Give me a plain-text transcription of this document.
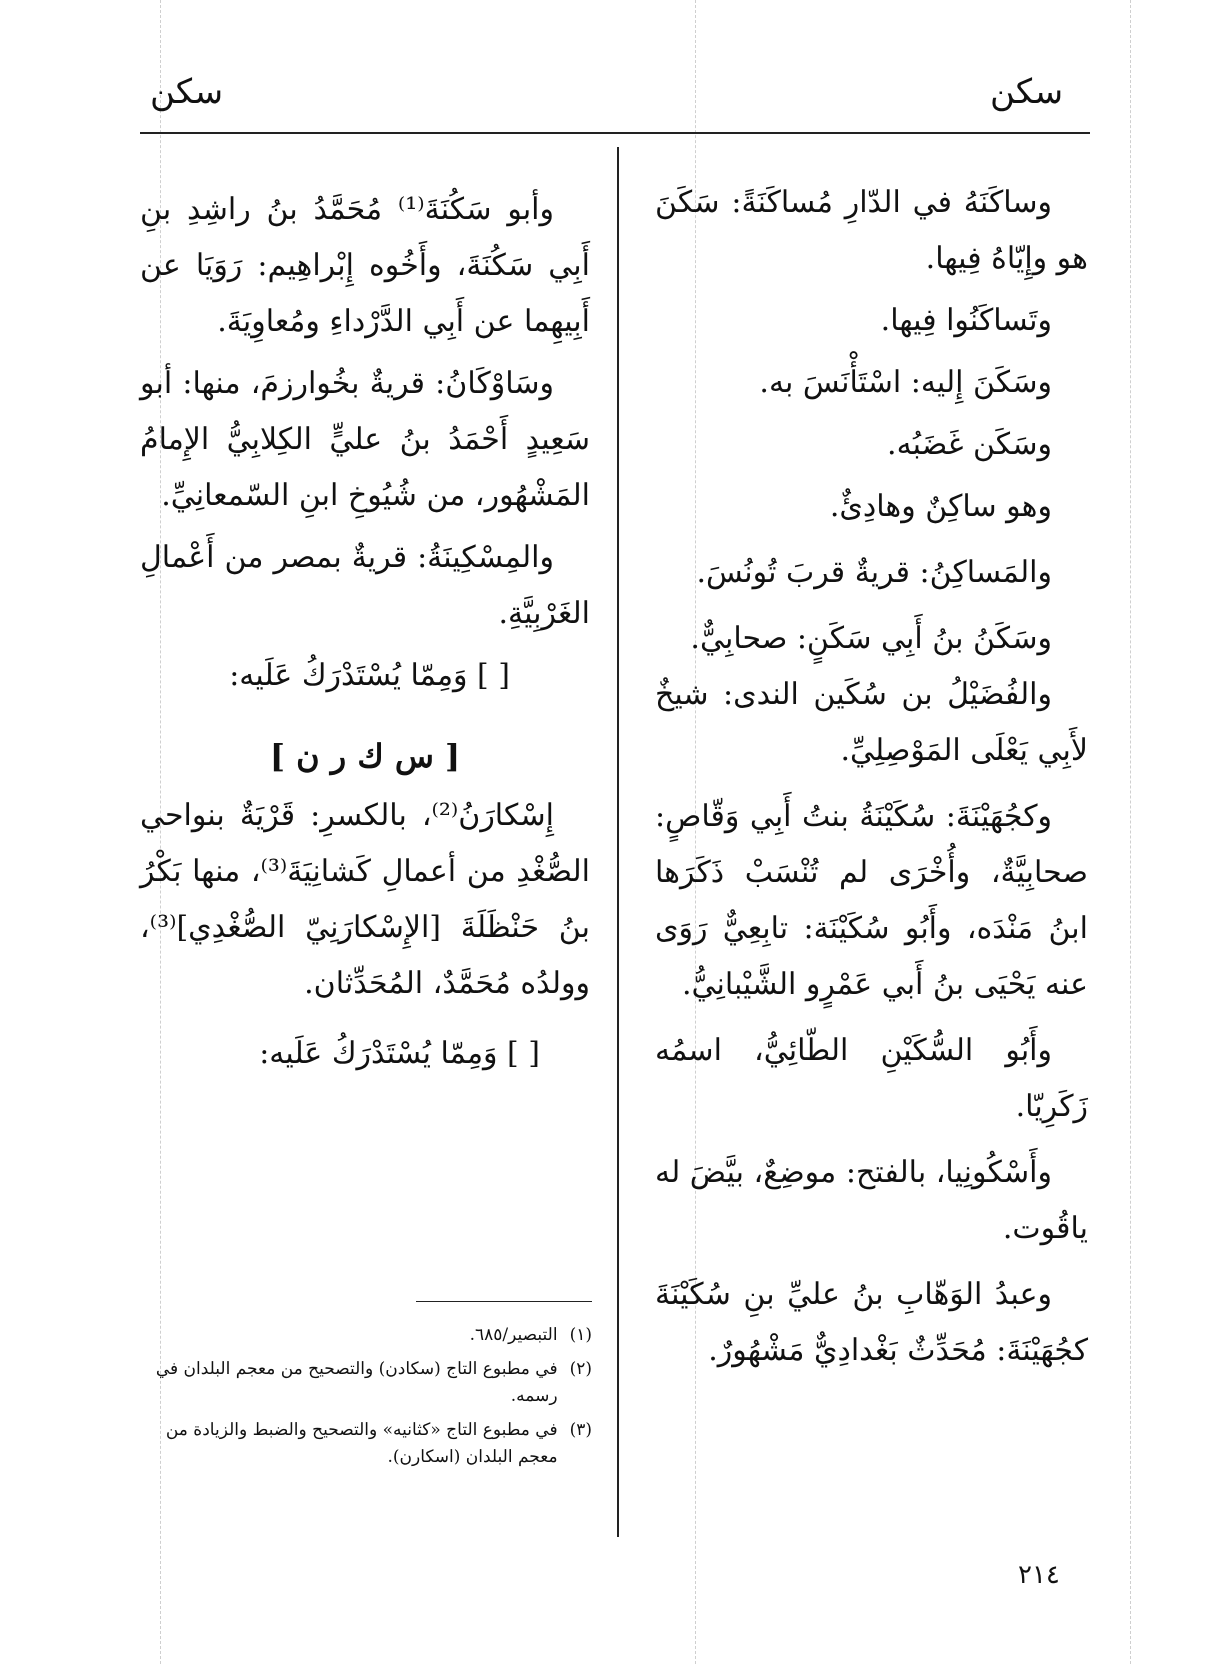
سكن	سكن

وساكَنَهُ في الدّارِ مُساكَنَةً: سَكَنَ هو وإِيّاهُ فِيها.

وتَساكَنُوا فِيها.

وسَكَنَ إِليه: اسْتَأْنَسَ به.

وسَكَن غَضَبُه.

وهو ساكِنٌ وهادِئٌ.

والمَساكِنُ: قريةٌ قربَ تُونُسَ.

وسَكَنُ بنُ أَبِي سَكَنٍ: صحابِيٌّ.

والفُضَيْلُ بن سُكَين الندى: شيخٌ لأَبِي يَعْلَى المَوْصِلِيِّ.

وكجُهَيْنَةَ: سُكَيْنَةُ بنتُ أَبِي وَقّاصٍ: صحابِيَّةٌ، وأُخْرَى لم تُنْسَبْ ذَكَرَها ابنُ مَنْدَه، وأَبُو سُكَيْنَة: تابِعِيٌّ رَوَى عنه يَحْيَى بنُ أَبي عَمْرٍو الشَّيْبانِيُّ.

وأَبُو السُّكَيْنِ الطّائِيُّ، اسمُه زَكَرِيّا.

وأَسْكُونِيا، بالفتح: موضِعٌ، بيَّضَ له ياقُوت.

وعبدُ الوَهّابِ بنُ عليِّ بنِ سُكَيْنَةَ كجُهَيْنَةَ: مُحَدِّثٌ بَغْدادِيٌّ مَشْهُورٌ.

وأبو سَكُنَةَ⁽¹⁾ مُحَمَّدُ بنُ راشِدِ بنِ أَبِي سَكُنَةَ، وأَخُوه إِبْراهِيم: رَوَيَا عن أَبِيهِما عن أَبِي الدَّرْداءِ ومُعاوِيَةَ.

وسَاوْكَانُ: قريةٌ بخُوارزمَ، منها: أبو سَعِيدٍ أَحْمَدُ بنُ عليٍّ الكِلابِيُّ الإِمامُ المَشْهُور، من شُيُوخِ ابنِ السّمعانِيِّ.

والمِسْكِينَةُ: قريةٌ بمصر من أَعْمالِ الغَرْبِيَّةِ.

[ ] وَمِمّا يُسْتَدْرَكُ عَلَيه:

[ س ك ر ن ]

إِسْكارَنُ⁽²⁾، بالكسرِ: قَرْيَةٌ بنواحي الصُّغْدِ من أعمالِ كَشانِيَةَ⁽³⁾، منها بَكْرُ بنُ حَنْظَلَةَ [الإِسْكارَنِيّ الصُّغْدِي]⁽³⁾، وولدُه مُحَمَّدٌ، المُحَدِّثان.

[ ] وَمِمّا يُسْتَدْرَكُ عَلَيه:

(١)
التبصير/٦٨٥.
(٢)
في مطبوع التاج (سكادن) والتصحيح من معجم البلدان في رسمه.
(٣)
في مطبوع التاج «كثانيه» والتصحيح والضبط والزيادة من معجم البلدان (اسكارن).
٢١٤
